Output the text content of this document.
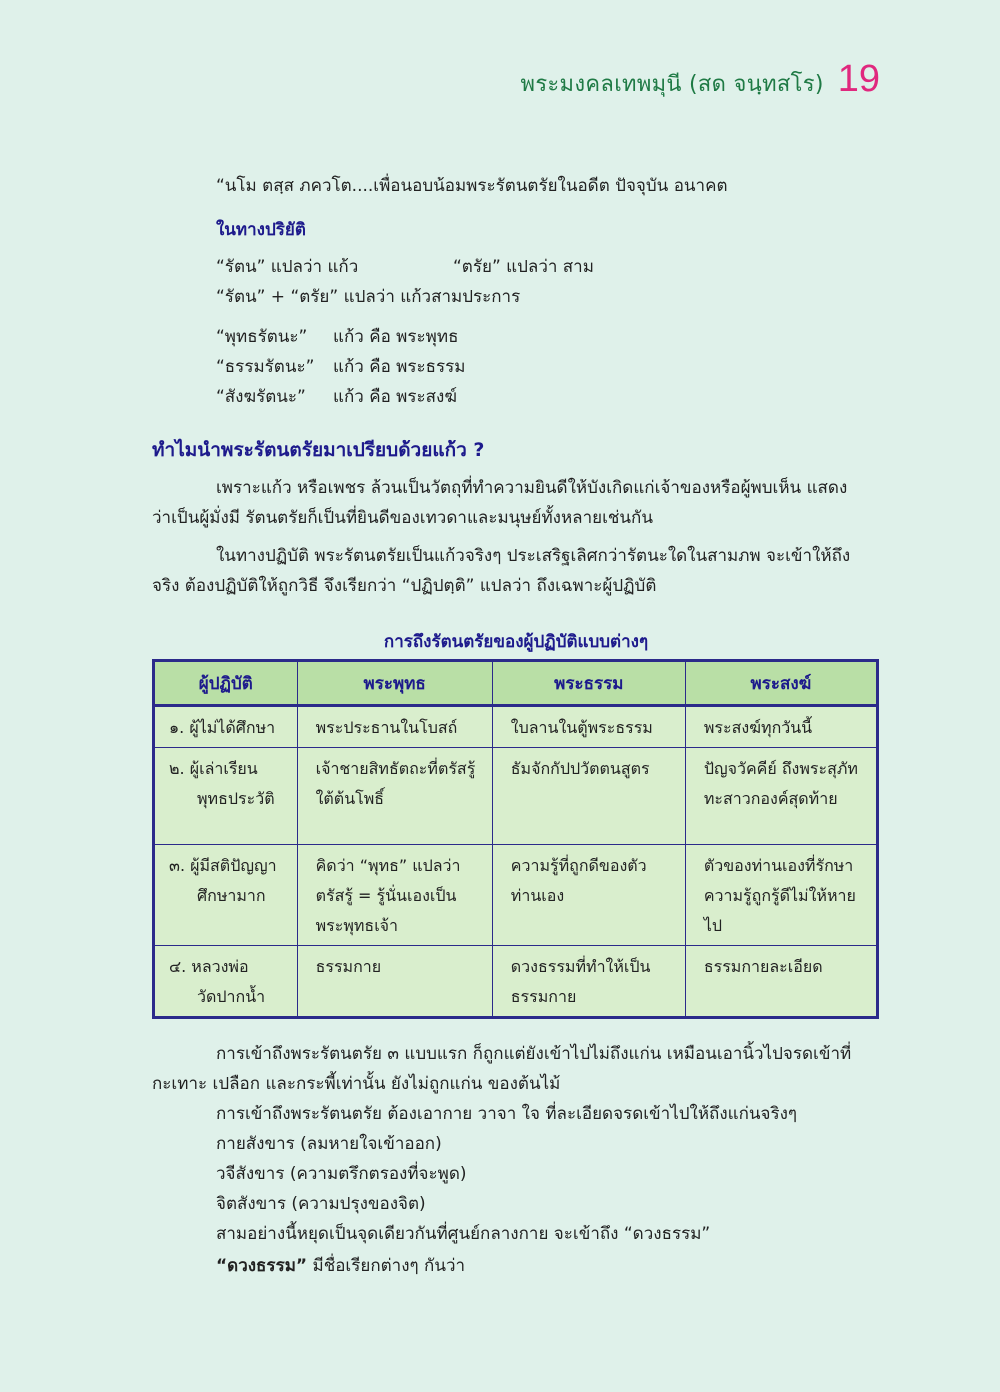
พระมงคลเทพมุนี (สด จนฺทสโร) 19
“นโม ตสฺส ภควโต....เพื่อนอบน้อมพระรัตนตรัยในอดีต ปัจจุบัน อนาคต
ในทางปริยัติ
“รัตน” แปลว่า แก้ว	“ตรัย” แปลว่า สาม
“รัตน” + “ตรัย” แปลว่า แก้วสามประการ
“พุทธรัตนะ” แก้ว คือ พระพุทธ
“ธรรมรัตนะ” แก้ว คือ พระธรรม
“สังฆรัตนะ” แก้ว คือ พระสงฆ์
ทำไมนำพระรัตนตรัยมาเปรียบด้วยแก้ว ?
เพราะแก้ว หรือเพชร ล้วนเป็นวัตถุที่ทำความยินดีให้บังเกิดแก่เจ้าของหรือผู้พบเห็น แสดง
ว่าเป็นผู้มั่งมี รัตนตรัยก็เป็นที่ยินดีของเทวดาและมนุษย์ทั้งหลายเช่นกัน
ในทางปฏิบัติ พระรัตนตรัยเป็นแก้วจริงๆ ประเสริฐเลิศกว่ารัตนะใดในสามภพ จะเข้าให้ถึง
จริง ต้องปฏิบัติให้ถูกวิธี จึงเรียกว่า “ปฏิปตฺติ” แปลว่า ถึงเฉพาะผู้ปฏิบัติ
การถึงรัตนตรัยของผู้ปฏิบัติแบบต่างๆ
ผู้ปฏิบัติ	พระพุทธ	พระธรรม	พระสงฆ์
๑. ผู้ไม่ได้ศึกษา	พระประธานในโบสถ์	ใบลานในตู้พระธรรม	พระสงฆ์ทุกวันนี้
๒. ผู้เล่าเรียน
พุทธประวัติ	เจ้าชายสิทธัตถะที่ตรัสรู้ใต้ต้นโพธิ์	ธัมจักกัปปวัตตนสูตร	ปัญจวัคคีย์ ถึงพระสุภัททะสาวกองค์สุดท้าย
๓. ผู้มีสติปัญญา
ศึกษามาก	คิดว่า “พุทธ” แปลว่าตรัสรู้ = รู้นั่นเองเป็นพระพุทธเจ้า	ความรู้ที่ถูกดีของตัวท่านเอง	ตัวของท่านเองที่รักษาความรู้ถูกรู้ดีไม่ให้หายไป
๔. หลวงพ่อ
วัดปากน้ำ	ธรรมกาย	ดวงธรรมที่ทำให้เป็นธรรมกาย	ธรรมกายละเอียด
การเข้าถึงพระรัตนตรัย ๓ แบบแรก ก็ถูกแต่ยังเข้าไปไม่ถึงแก่น เหมือนเอานิ้วไปจรดเข้าที่
กะเทาะ เปลือก และกระพี้เท่านั้น ยังไม่ถูกแก่น ของต้นไม้
การเข้าถึงพระรัตนตรัย ต้องเอากาย วาจา ใจ ที่ละเอียดจรดเข้าไปให้ถึงแก่นจริงๆ
กายสังขาร (ลมหายใจเข้าออก)
วจีสังขาร (ความตรึกตรองที่จะพูด)
จิตสังขาร (ความปรุงของจิต)
สามอย่างนี้หยุดเป็นจุดเดียวกันที่ศูนย์กลางกาย จะเข้าถึง “ดวงธรรม”
“ดวงธรรม” มีชื่อเรียกต่างๆ กันว่า
